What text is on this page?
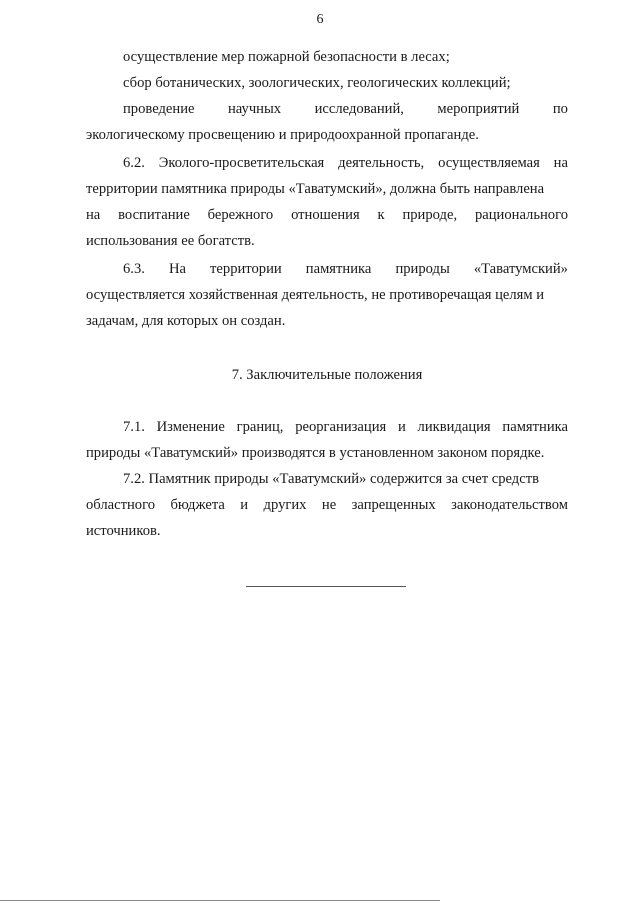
6
осуществление мер пожарной безопасности в лесах;
сбор ботанических, зоологических, геологических коллекций;
проведение научных исследований, мероприятий по
экологическому просвещению и природоохранной пропаганде.
6.2. Эколого-просветительская деятельность, осуществляемая на
территории памятника природы «Таватумский», должна быть направлена
на воспитание бережного отношения к природе, рационального
использования ее богатств.
6.3. На территории памятника природы «Таватумский»
осуществляется хозяйственная деятельность, не противоречащая целям и
задачам, для которых он создан.
7. Заключительные положения
7.1. Изменение границ, реорганизация и ликвидация памятника
природы «Таватумский» производятся в установленном законом порядке.
7.2. Памятник природы «Таватумский» содержится за счет средств
областного бюджета и других не запрещенных законодательством
источников.
